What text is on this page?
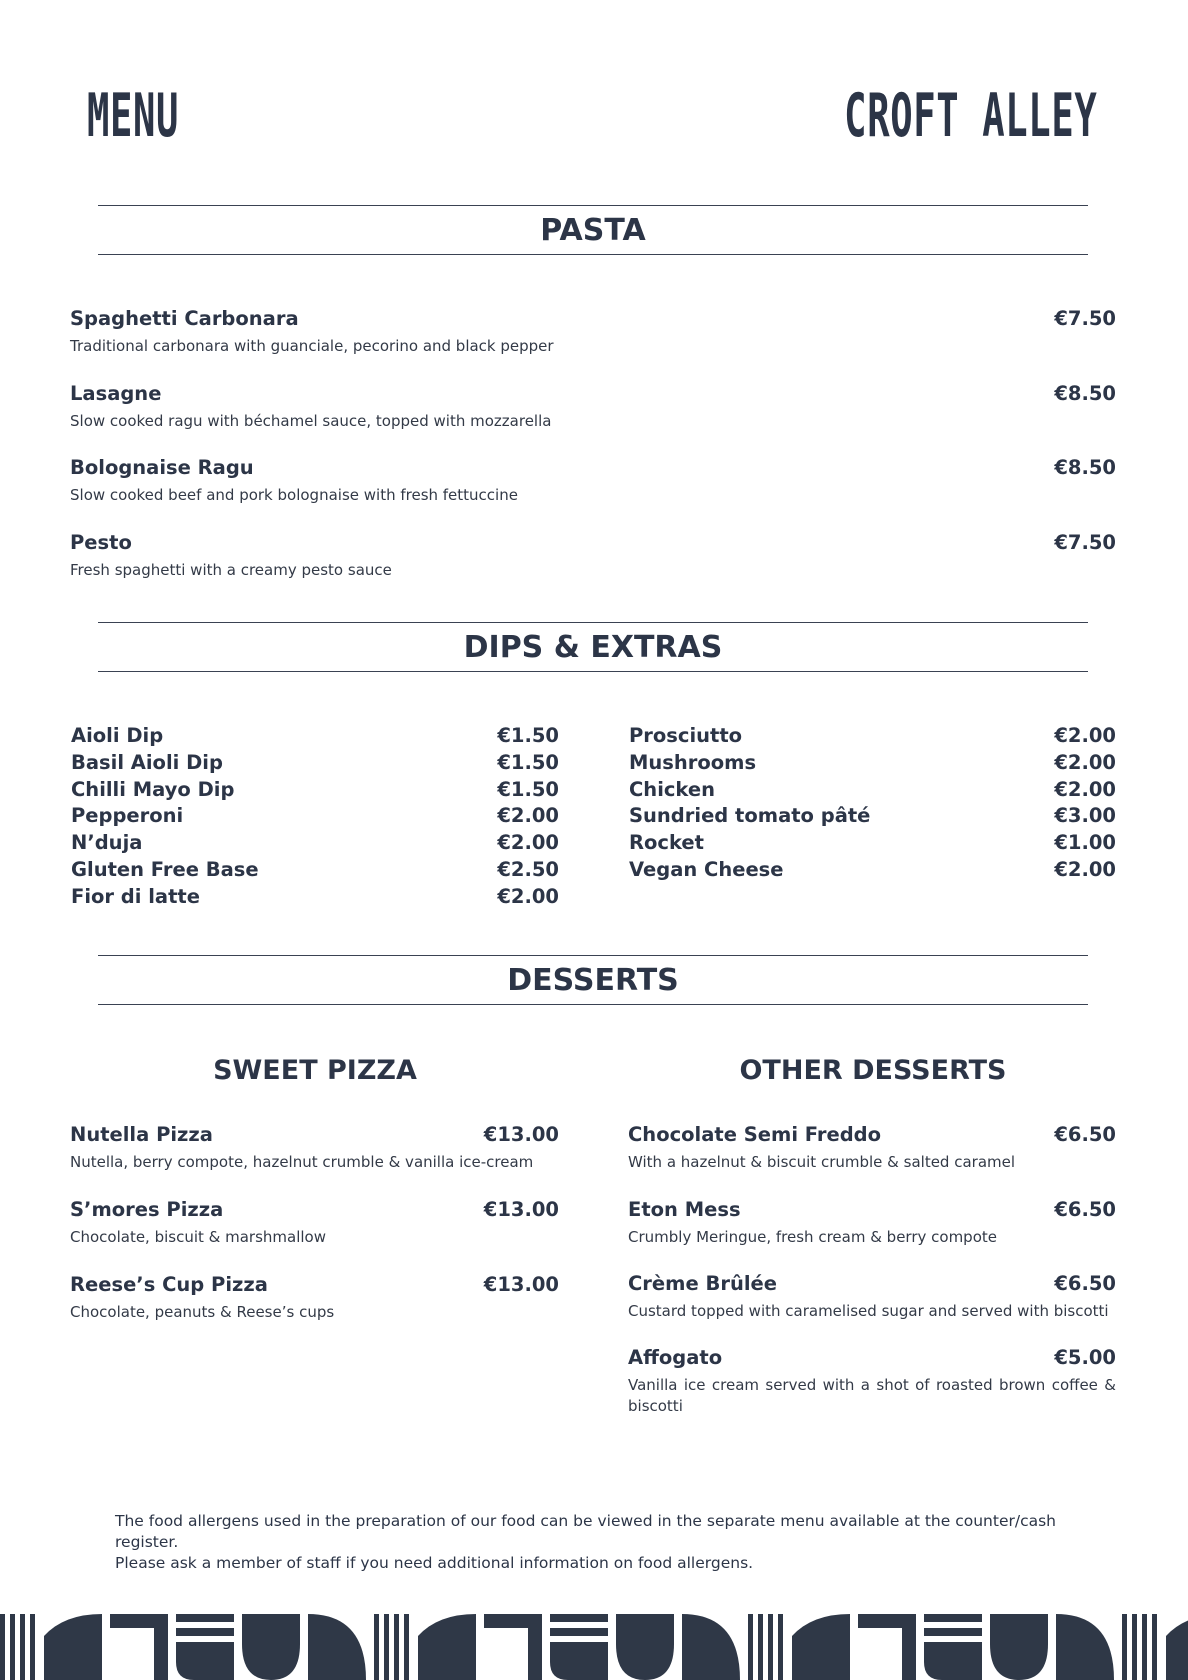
MENU	CROFT ALLEY
PASTA
Spaghetti Carbonara	€7.50
Traditional carbonara with guanciale, pecorino and black pepper
Lasagne	€8.50
Slow cooked ragu with béchamel sauce, topped with mozzarella
Bolognaise Ragu	€8.50
Slow cooked beef and pork bolognaise with fresh fettuccine
Pesto	€7.50
Fresh spaghetti with a creamy pesto sauce
DIPS & EXTRAS
Aioli Dip	€1.50
Basil Aioli Dip	€1.50
Chilli Mayo Dip	€1.50
Pepperoni	€2.00
N’duja	€2.00
Gluten Free Base	€2.50
Fior di latte	€2.00
Prosciutto	€2.00
Mushrooms	€2.00
Chicken	€2.00
Sundried tomato pâté	€3.00
Rocket	€1.00
Vegan Cheese	€2.00
DESSERTS
SWEET PIZZA	OTHER DESSERTS
Nutella Pizza	€13.00
Nutella, berry compote, hazelnut crumble & vanilla ice-cream
S’mores Pizza	€13.00
Chocolate, biscuit & marshmallow
Reese’s Cup Pizza	€13.00
Chocolate, peanuts & Reese’s cups
Chocolate Semi Freddo	€6.50
With a hazelnut & biscuit crumble & salted caramel
Eton Mess	€6.50
Crumbly Meringue, fresh cream & berry compote
Crème Brûlée	€6.50
Custard topped with caramelised sugar and served with biscotti
Affogato	€5.00
Vanilla ice cream served with a shot of roasted brown coffee & biscotti
The food allergens used in the preparation of our food can be viewed in the separate menu available at the counter/cash register.
Please ask a member of staff if you need additional information on food allergens.
